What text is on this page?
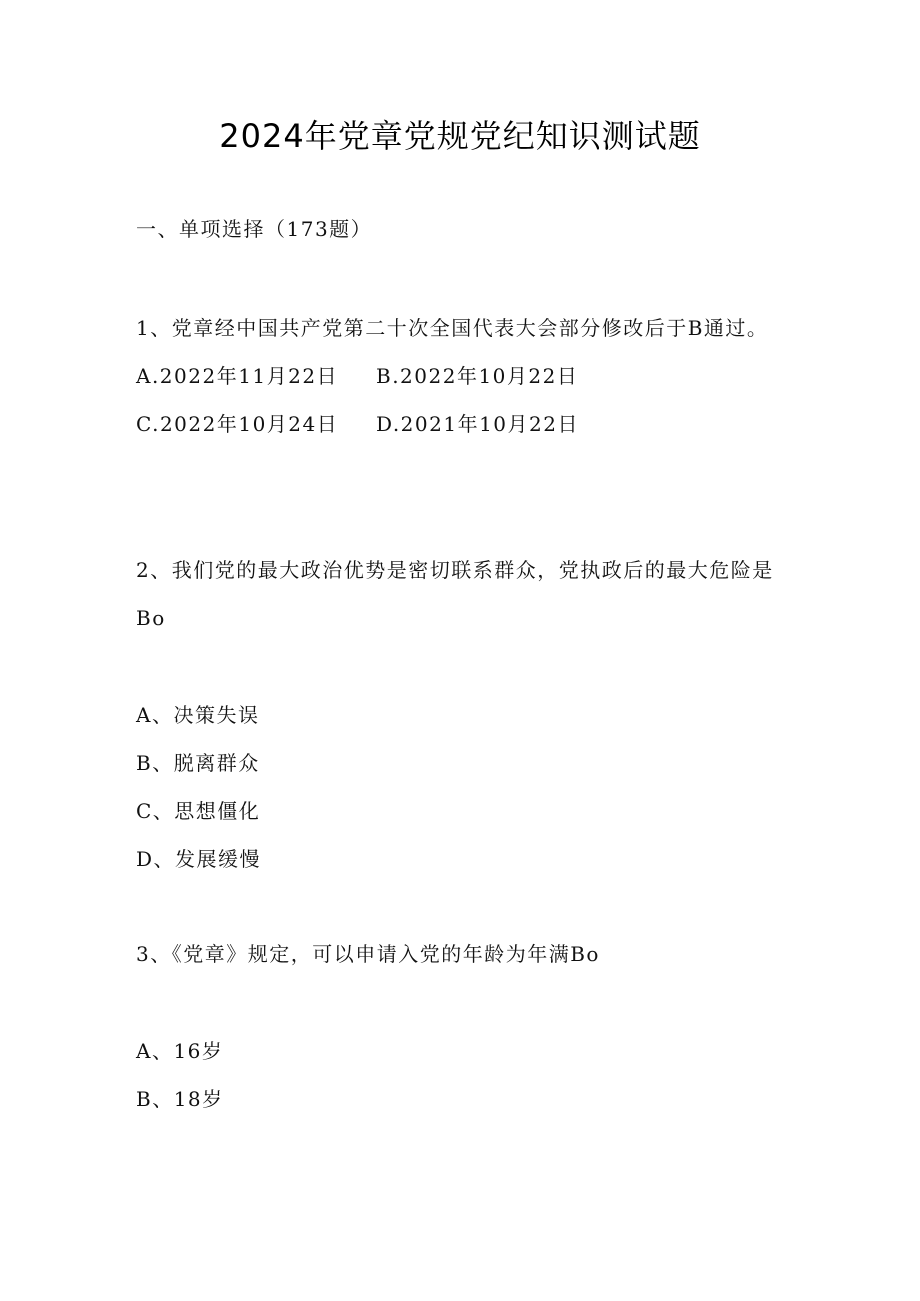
2024年党章党规党纪知识测试题
一、单项选择（173题）
1、党章经中国共产党第二十次全国代表大会部分修改后于B通过。
A.2022年11月22日 B.2022年10月22日
C.2022年10月24日 D.2021年10月22日
2、我们党的最大政治优势是密切联系群众，党执政后的最大危险是
Bo
A、决策失误
B、脱离群众
C、思想僵化
D、发展缓慢
3、《党章》规定，可以申请入党的年龄为年满Bo
A、16岁
B、18岁
